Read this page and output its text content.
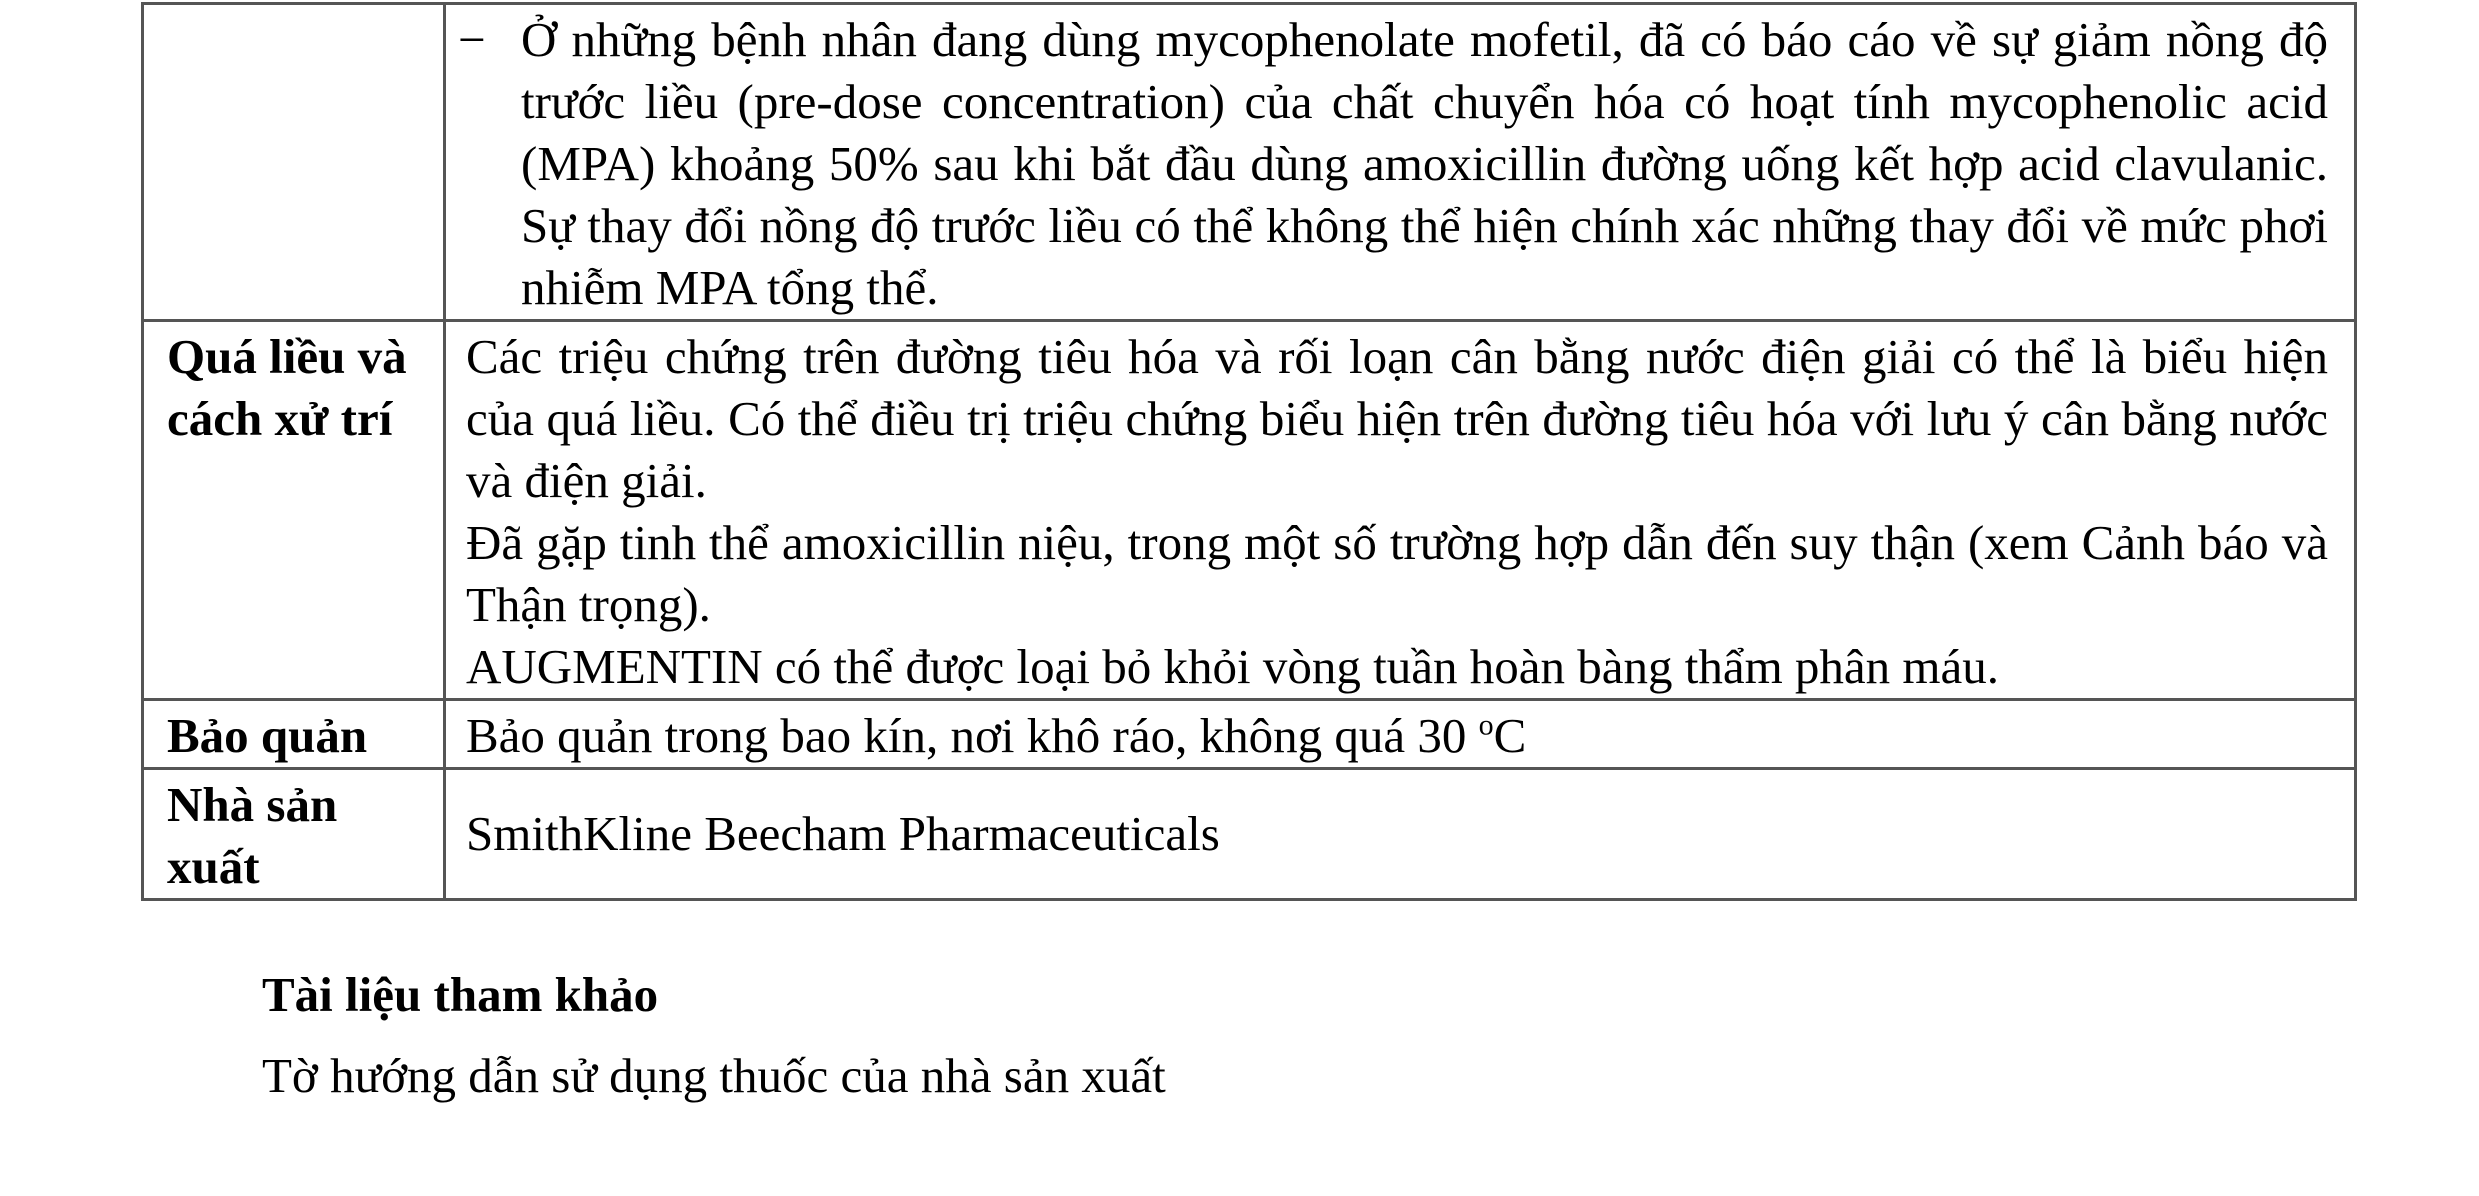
	− Ở những bệnh nhân đang dùng mycophenolate mofetil, đã có báo cáo về sự giảm nồng độ trước liều (pre-dose concentration) của chất chuyển hóa có hoạt tính mycophenolic acid (MPA) khoảng 50% sau khi bắt đầu dùng amoxicillin đường uống kết hợp acid clavulanic. Sự thay đổi nồng độ trước liều có thể không thể hiện chính xác những thay đổi về mức phơi nhiễm MPA tổng thể.

Quá liều và cách xử trí	Các triệu chứng trên đường tiêu hóa và rối loạn cân bằng nước điện giải có thể là biểu hiện của quá liều. Có thể điều trị triệu chứng biểu hiện trên đường tiêu hóa với lưu ý cân bằng nước và điện giải.
Đã gặp tinh thể amoxicillin niệu, trong một số trường hợp dẫn đến suy thận (xem Cảnh báo và Thận trọng).
AUGMENTIN có thể được loại bỏ khỏi vòng tuần hoàn bàng thẩm phân máu.

Bảo quản	Bảo quản trong bao kín, nơi khô ráo, không quá 30 $^o$C
Nhà sản xuất	SmithKline Beecham Pharmaceuticals

Tài liệu tham khảo

Tờ hướng dẫn sử dụng thuốc của nhà sản xuất
